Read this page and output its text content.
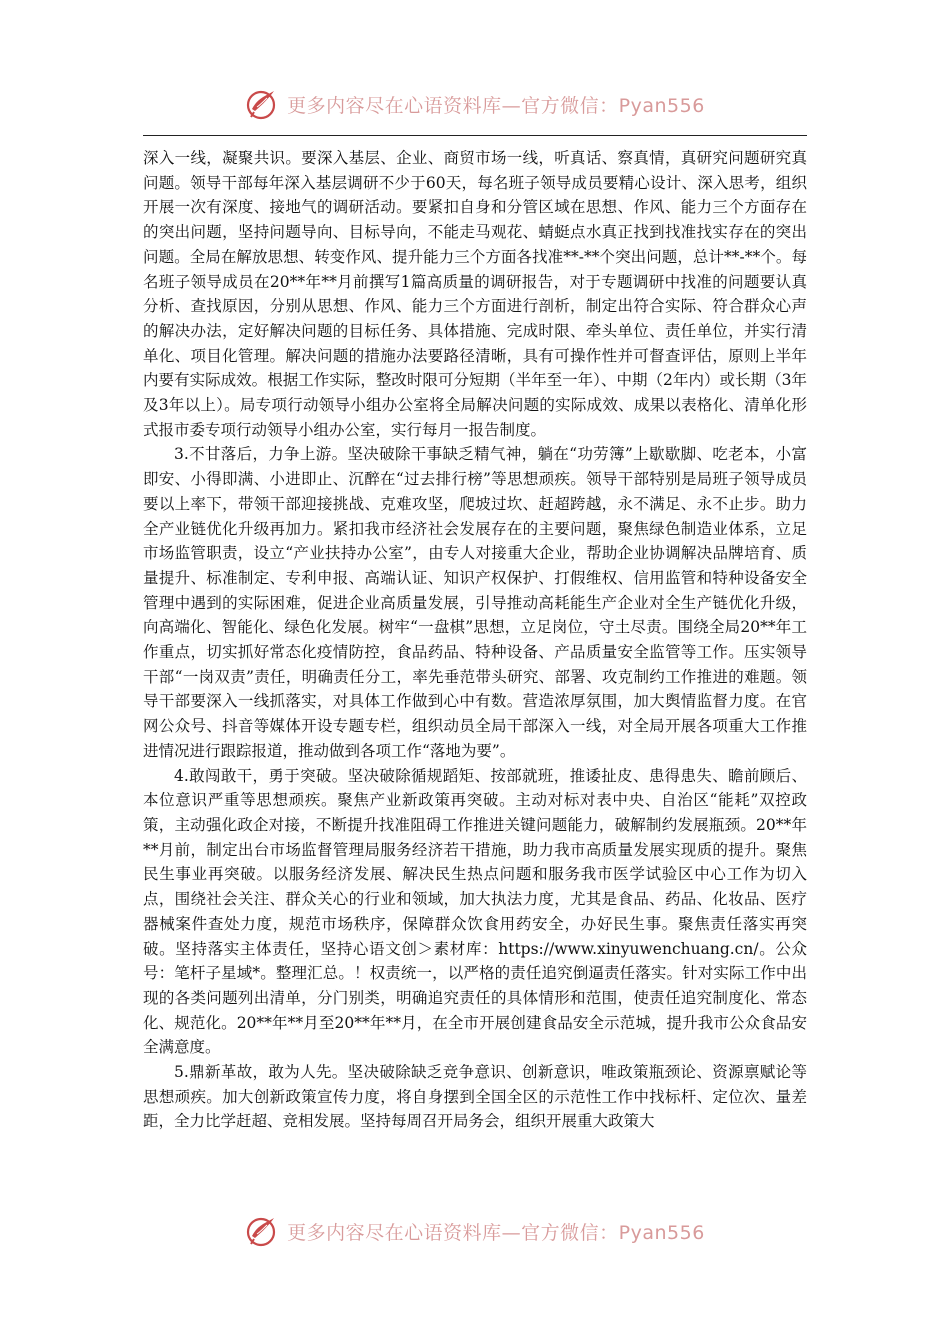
更多内容尽在心语资料库—官方微信：Pyan556

深入一线，凝聚共识。要深入基层、企业、商贸市场一线，听真话、察真情，真研究问题研究真问题。领导干部每年深入基层调研不少于60天，每名班子领导成员要精心设计、深入思考，组织开展一次有深度、接地气的调研活动。要紧扣自身和分管区域在思想、作风、能力三个方面存在的突出问题，坚持问题导向、目标导向，不能走马观花、蜻蜓点水真正找到找准找实存在的突出问题。全局在解放思想、转变作风、提升能力三个方面各找准**-**个突出问题，总计**-**个。每名班子领导成员在20**年**月前撰写1篇高质量的调研报告，对于专题调研中找准的问题要认真分析、查找原因，分别从思想、作风、能力三个方面进行剖析，制定出符合实际、符合群众心声的解决办法，定好解决问题的目标任务、具体措施、完成时限、牵头单位、责任单位，并实行清单化、项目化管理。解决问题的措施办法要路径清晰，具有可操作性并可督查评估，原则上半年内要有实际成效。根据工作实际，整改时限可分短期（半年至一年）、中期（2年内）或长期（3年及3年以上）。局专项行动领导小组办公室将全局解决问题的实际成效、成果以表格化、清单化形式报市委专项行动领导小组办公室，实行每月一报告制度。

3.不甘落后，力争上游。坚决破除干事缺乏精气神，躺在“功劳簿”上歇歇脚、吃老本，小富即安、小得即满、小进即止、沉醉在“过去排行榜”等思想顽疾。领导干部特别是局班子领导成员要以上率下，带领干部迎接挑战、克难攻坚，爬坡过坎、赶超跨越，永不满足、永不止步。助力全产业链优化升级再加力。紧扣我市经济社会发展存在的主要问题，聚焦绿色制造业体系，立足市场监管职责，设立“产业扶持办公室”，由专人对接重大企业，帮助企业协调解决品牌培育、质量提升、标准制定、专利申报、高端认证、知识产权保护、打假维权、信用监管和特种设备安全管理中遇到的实际困难，促进企业高质量发展，引导推动高耗能生产企业对全生产链优化升级，向高端化、智能化、绿色化发展。树牢“一盘棋”思想，立足岗位，守土尽责。围绕全局20**年工作重点，切实抓好常态化疫情防控，食品药品、特种设备、产品质量安全监管等工作。压实领导干部“一岗双责”责任，明确责任分工，率先垂范带头研究、部署、攻克制约工作推进的难题。领导干部要深入一线抓落实，对具体工作做到心中有数。营造浓厚氛围，加大舆情监督力度。在官网公众号、抖音等媒体开设专题专栏，组织动员全局干部深入一线，对全局开展各项重大工作推进情况进行跟踪报道，推动做到各项工作“落地为要”。

4.敢闯敢干，勇于突破。坚决破除循规蹈矩、按部就班，推诿扯皮、患得患失、瞻前顾后、本位意识严重等思想顽疾。聚焦产业新政策再突破。主动对标对表中央、自治区“能耗”双控政策，主动强化政企对接，不断提升找准阻碍工作推进关键问题能力，破解制约发展瓶颈。20**年**月前，制定出台市场监督管理局服务经济若干措施，助力我市高质量发展实现质的提升。聚焦民生事业再突破。以服务经济发展、解决民生热点问题和服务我市医学试验区中心工作为切入点，围绕社会关注、群众关心的行业和领域，加大执法力度，尤其是食品、药品、化妆品、医疗器械案件查处力度，规范市场秩序，保障群众饮食用药安全，办好民生事。聚焦责任落实再突破。坚持落实主体责任，坚持心语文创＞素材库：https://www.xinyuwenchuang.cn/。公众号：笔杆子星域*。整理汇总。！权责统一，以严格的责任追究倒逼责任落实。针对实际工作中出现的各类问题列出清单，分门别类，明确追究责任的具体情形和范围，使责任追究制度化、常态化、规范化。20**年**月至20**年**月，在全市开展创建食品安全示范城，提升我市公众食品安全满意度。

5.鼎新革故，敢为人先。坚决破除缺乏竞争意识、创新意识，唯政策瓶颈论、资源禀赋论等思想顽疾。加大创新政策宣传力度，将自身摆到全国全区的示范性工作中找标杆、定位次、量差距，全力比学赶超、竞相发展。坚持每周召开局务会，组织开展重大政策大

更多内容尽在心语资料库—官方微信：Pyan556
